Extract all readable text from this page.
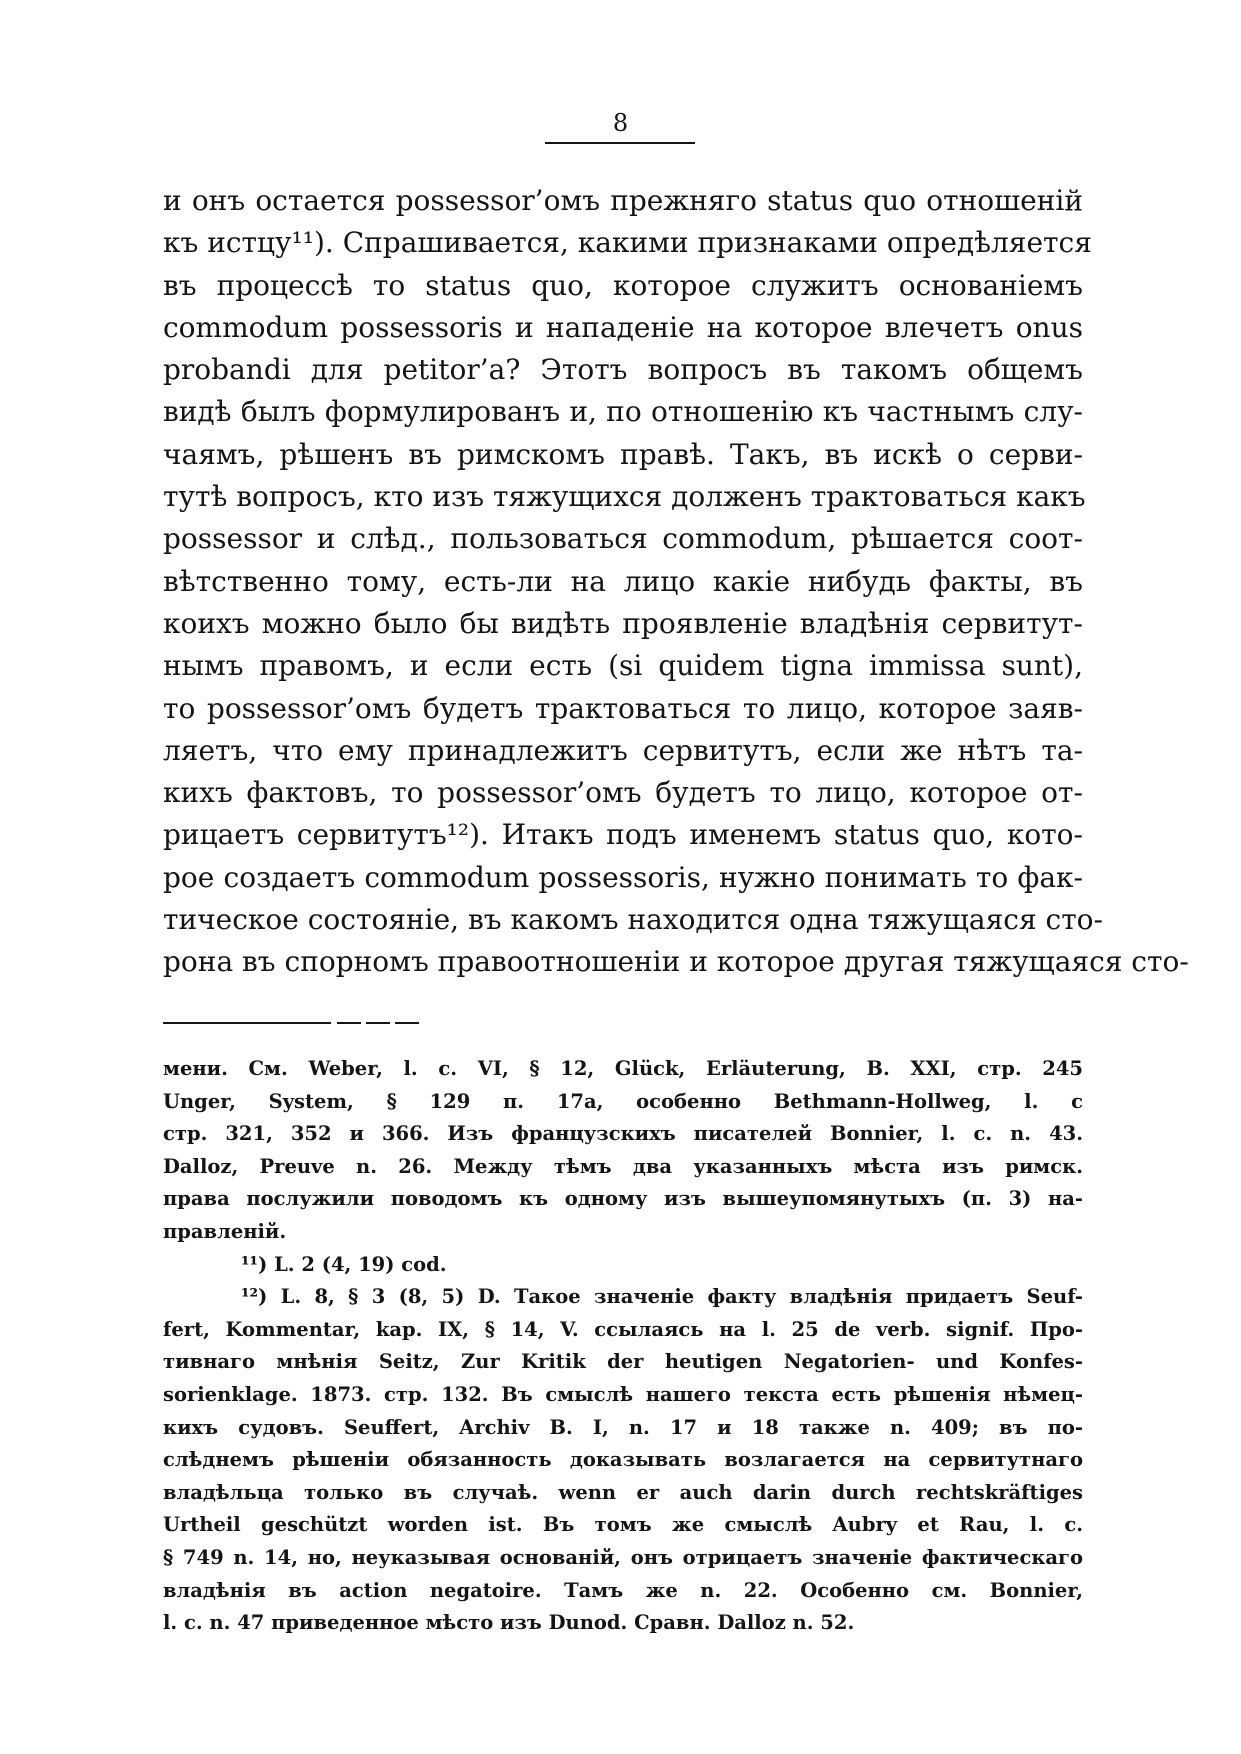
8
и онъ остается possessor’омъ прежняго status quo отношеній
къ истцу¹¹). Спрашивается, какими признаками опредѣляется
въ процессѣ то status quo, которое служитъ основаніемъ
commodum possessoris и нападеніе на которое влечетъ onus
probandi для petitor’a? Этотъ вопросъ въ такомъ общемъ
видѣ былъ формулированъ и, по отношенію къ частнымъ слу-
чаямъ, рѣшенъ въ римскомъ правѣ. Такъ, въ искѣ о серви-
тутѣ вопросъ, кто изъ тяжущихся долженъ трактоваться какъ
possessor и слѣд., пользоваться commodum, рѣшается соот-
вѣтственно тому, есть-ли на лицо какіе нибудь факты, въ
коихъ можно было бы видѣть проявленіе владѣнія сервитут-
нымъ правомъ, и если есть (si quidem tigna immissa sunt),
то possessor’омъ будетъ трактоваться то лицо, которое заяв-
ляетъ, что ему принадлежитъ сервитутъ, если же нѣтъ та-
кихъ фактовъ, то possessor’омъ будетъ то лицо, которое от-
рицаетъ сервитутъ¹²). Итакъ подъ именемъ status quo, кото-
рое создаетъ commodum possessoris, нужно понимать то фак-
тическое состояніе, въ какомъ находится одна тяжущаяся сто-
рона въ спорномъ правоотношеніи и которое другая тяжущаяся сто-
мени. См. Weber, l. c. VI, § 12, Glück, Erläuterung, B. XXI, стр. 245
Unger, System, § 129 п. 17а, особенно Bethmann-Hollweg, l. c
стр. 321, 352 и 366. Изъ французскихъ писателей Bonnier, l. c. n. 43.
Dalloz, Preuve n. 26. Между тѣмъ два указанныхъ мѣста изъ римск.
права послужили поводомъ къ одному изъ вышеупомянутыхъ (п. 3) на-
правленій.
¹¹) L. 2 (4, 19) cod.
¹²) L. 8, § 3 (8, 5) D. Такое значеніе факту владѣнія придаетъ Seuf-
fert, Kommentar, kap. IX, § 14, V. ссылаясь на l. 25 de verb. signif. Про-
тивнаго мнѣнія Seitz, Zur Kritik der heutigen Negatorien- und Konfes-
sorienklage. 1873. стр. 132. Въ смыслѣ нашего текста есть рѣшенія нѣмец-
кихъ судовъ. Seuffert, Archiv B. I, n. 17 и 18 также n. 409; въ по-
слѣднемъ рѣшеніи обязанность доказывать возлагается на сервитутнаго
владѣльца только въ случаѣ. wenn er auch darin durch rechtskräftiges
Urtheil geschützt worden ist. Въ томъ же смыслѣ Aubry et Rau, l. c.
§ 749 n. 14, но, неуказывая основаній, онъ отрицаетъ значеніе фактическаго
владѣнія въ action negatoire. Тамъ же n. 22. Особенно см. Bonnier,
l. c. n. 47 приведенное мѣсто изъ Dunod. Сравн. Dalloz n. 52.
